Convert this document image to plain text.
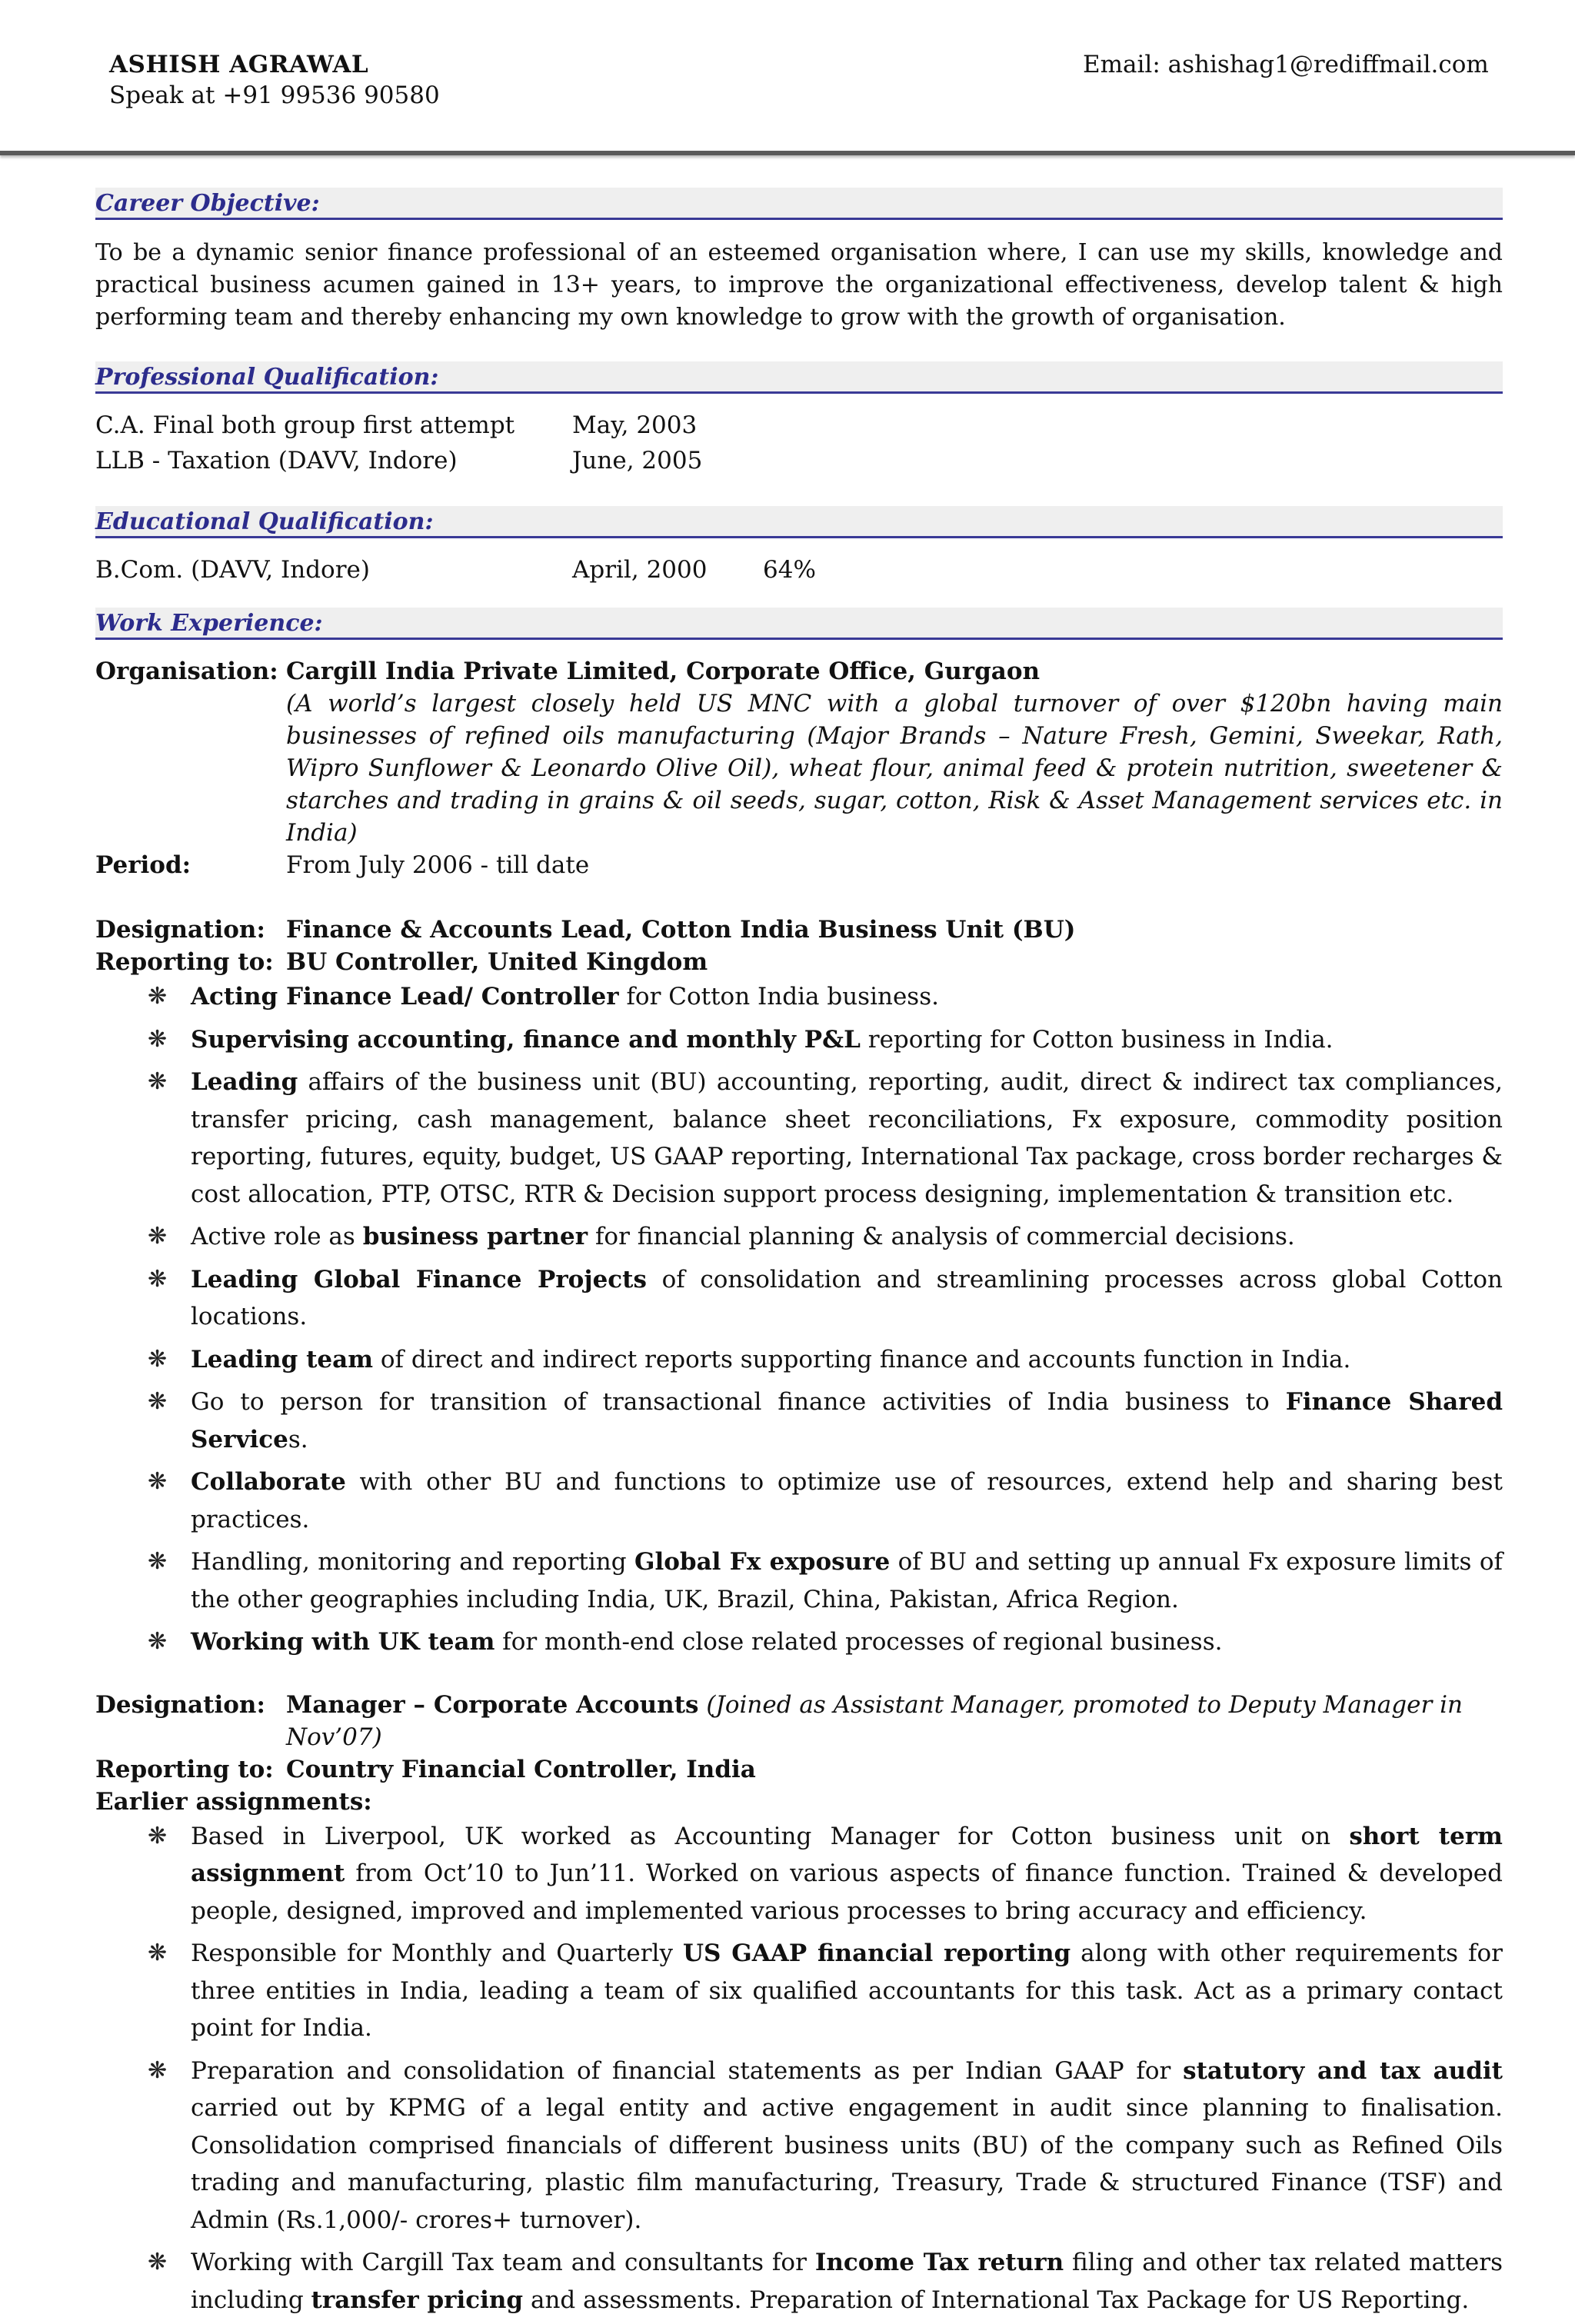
ASHISH AGRAWAL
Speak at +91 99536 90580
Email: ashishag1@rediffmail.com
Career Objective:

To be a dynamic senior finance professional of an esteemed organisation where, I can use my skills, knowledge and practical business acumen gained in 13+ years, to improve the organizational effectiveness, develop talent & high performing team and thereby enhancing my own knowledge to grow with the growth of organisation.

Professional Qualification:
C.A. Final both group first attempt	May, 2003
LLB - Taxation (DAVV, Indore)	June, 2005
Educational Qualification:
B.Com. (DAVV, Indore)	April, 2000	64%
Work Experience:
Organisation: Cargill India Private Limited, Corporate Office, Gurgaon
(A world’s largest closely held US MNC with a global turnover of over $120bn having main businesses of refined oils manufacturing (Major Brands – Nature Fresh, Gemini, Sweekar, Rath, Wipro Sunflower & Leonardo Olive Oil), wheat flour, animal feed & protein nutrition, sweetener & starches and trading in grains & oil seeds, sugar, cotton, Risk & Asset Management services etc. in India)
Period:	From July 2006 - till date
Designation: Finance & Accounts Lead, Cotton India Business Unit (BU)
Reporting to: BU Controller, United Kingdom
❋ Acting Finance Lead/ Controller for Cotton India business.
❋ Supervising accounting, finance and monthly P&L reporting for Cotton business in India.
❋ Leading affairs of the business unit (BU) accounting, reporting, audit, direct & indirect tax compliances, transfer pricing, cash management, balance sheet reconciliations, Fx exposure, commodity position reporting, futures, equity, budget, US GAAP reporting, International Tax package, cross border recharges & cost allocation, PTP, OTSC, RTR & Decision support process designing, implementation & transition etc.
❋ Active role as business partner for financial planning & analysis of commercial decisions.
❋ Leading Global Finance Projects of consolidation and streamlining processes across global Cotton locations.
❋ Leading team of direct and indirect reports supporting finance and accounts function in India.
❋ Go to person for transition of transactional finance activities of India business to Finance Shared Services.
❋ Collaborate with other BU and functions to optimize use of resources, extend help and sharing best practices.
❋ Handling, monitoring and reporting Global Fx exposure of BU and setting up annual Fx exposure limits of the other geographies including India, UK, Brazil, China, Pakistan, Africa Region.
❋ Working with UK team for month-end close related processes of regional business.
Designation: Manager – Corporate Accounts (Joined as Assistant Manager, promoted to Deputy Manager in Nov’07)
Reporting to: Country Financial Controller, India
Earlier assignments:
❋ Based in Liverpool, UK worked as Accounting Manager for Cotton business unit on short term assignment from Oct’10 to Jun’11. Worked on various aspects of finance function. Trained & developed people, designed, improved and implemented various processes to bring accuracy and efficiency.
❋ Responsible for Monthly and Quarterly US GAAP financial reporting along with other requirements for three entities in India, leading a team of six qualified accountants for this task. Act as a primary contact point for India.
❋ Preparation and consolidation of financial statements as per Indian GAAP for statutory and tax audit carried out by KPMG of a legal entity and active engagement in audit since planning to finalisation. Consolidation comprised financials of different business units (BU) of the company such as Refined Oils trading and manufacturing, plastic film manufacturing, Treasury, Trade & structured Finance (TSF) and Admin (Rs.1,000/- crores+ turnover).
❋ Working with Cargill Tax team and consultants for Income Tax return filing and other tax related matters including transfer pricing and assessments. Preparation of International Tax Package for US Reporting.
